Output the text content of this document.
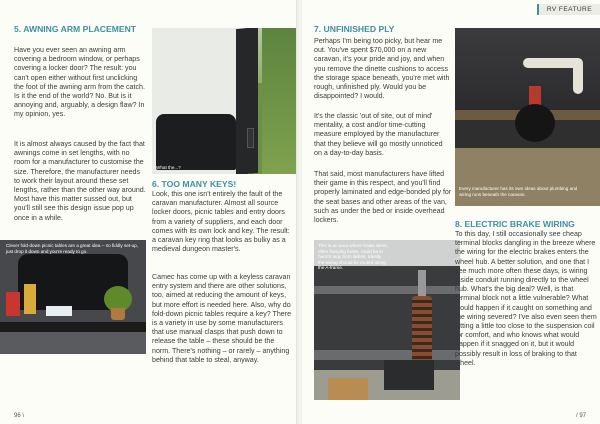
5. AWNING ARM PLACEMENT

Have you ever seen an awning arm covering a bedroom window, or perhaps covering a locker door? The result: you can't open either without first unclicking the foot of the awning arm from the catch. Is it the end of the world? No. But is it annoying and, arguably, a design flaw? In my opinion, yes.

It is almost always caused by the fact that awnings come in set lengths, with no room for a manufacturer to customise the size. Therefore, the manufacturer needs to work their layout around these set lengths, rather than the other way around. Most have this matter sussed out, but you'll still see this design issue pop up once in a while.

What the...?
Clever fold-down picnic tables are a great idea – no fiddly set-up, just drop it down and you're ready to go.
6. TOO MANY KEYS!

Look, this one isn't entirely the fault of the caravan manufacturer. Almost all source locker doors, picnic tables and entry doors from a variety of suppliers, and each door comes with its own lock and key. The result: a caravan key ring that looks as bulky as a medieval dungeon master's.

Camec has come up with a keyless caravan entry system and there are other solutions, too, aimed at reducing the amount of keys, but more effort is needed here. Also, why do fold-down picnic tables require a key? There is a variety in use by some manufacturers that use manual clasps that push down to release the table – these should be the norm. There's nothing – or rarely – anything behind that table to steal, anyway.

96 \
RV FEATURE
7. UNFINISHED PLY

Perhaps I'm being too picky, but hear me out. You've spent $70,000 on a new caravan, it's your pride and joy, and when you remove the dinette cushions to access the storage space beneath, you're met with rough, unfinished ply. Would you be disappointed? I would.

It's the classic 'out of site, out of mind' mentality, a cost and/or time-cutting measure employed by the manufacturer that they believe will go mostly unnoticed on a day-to-day basis.

That said, most manufacturers have lifted their game in this respect, and you'll find properly laminated and edge-bonded ply for the seat bases and other areas of the van, such as under the bed or inside overhead lockers.

This is an area where brake wires, often hanging loose, could be in harm's way from debris. Ideally the wiring should be routed along the A-frame.
Every manufacturer has its own ideas about plumbing and wiring runs beneath the caravan.
8. ELECTRIC BRAKE WIRING

To this day, I still occasionally see cheap terminal blocks dangling in the breeze where the wiring for the electric brakes enters the wheel hub. A better solution, and one that I see much more often these days, is wiring inside conduit running directly to the wheel hub. What's the big deal? Well, is that terminal block not a little vulnerable? What would happen if it caught on something and the wiring severed? I've also even seen them sitting a little too close to the suspension coil for comfort, and who knows what would happen if it snagged on it, but it would possibly result in loss of braking to that wheel.

/ 97
